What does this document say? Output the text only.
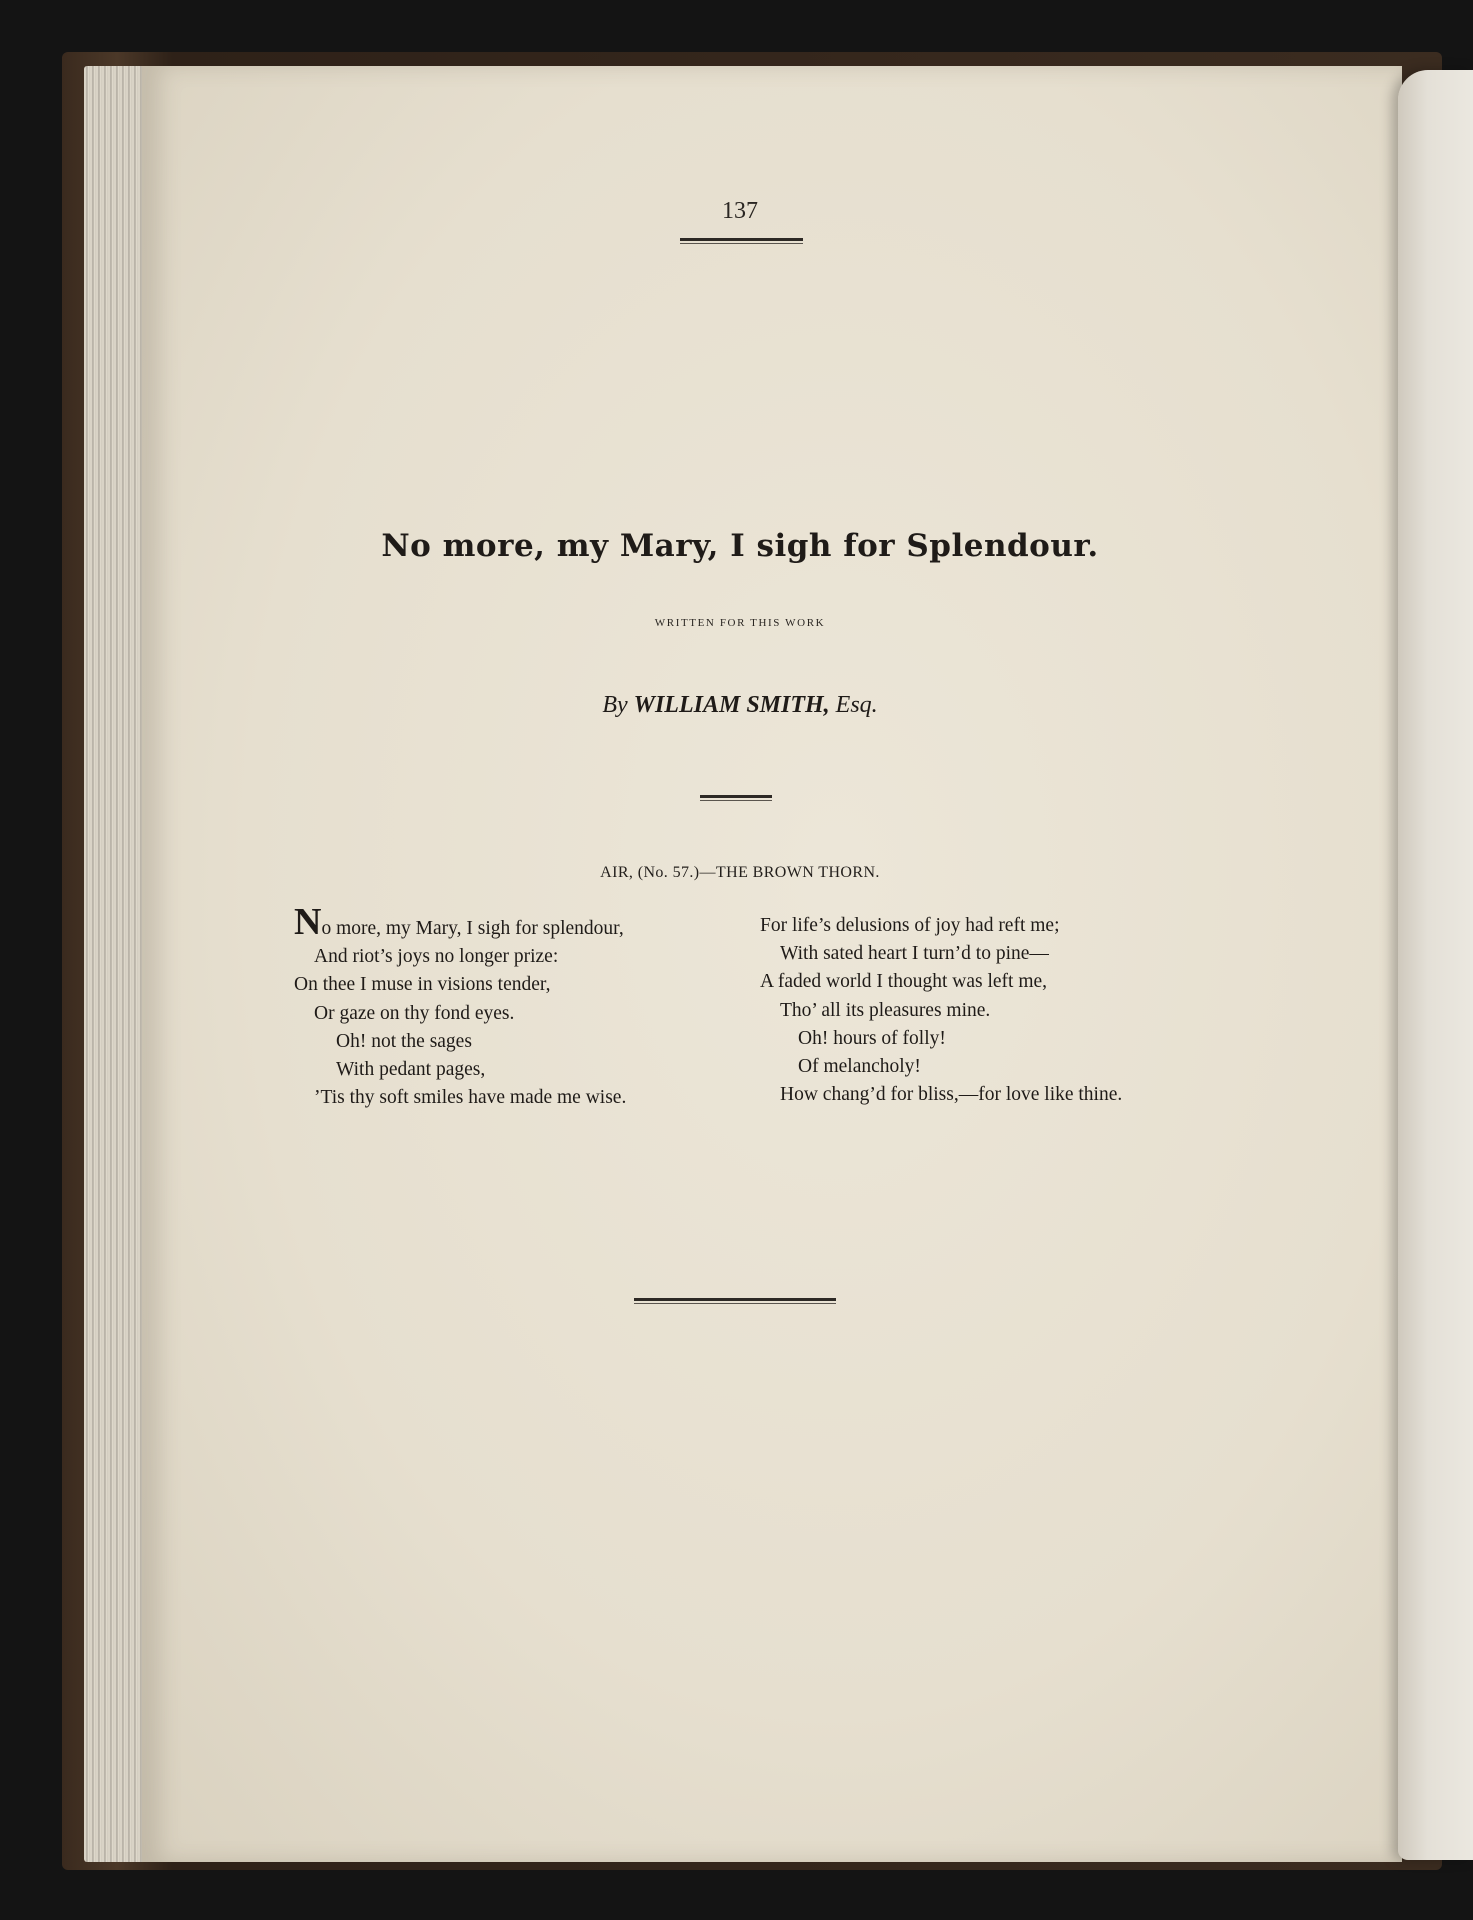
137
No more, my Mary, I sigh for Splendour.
WRITTEN FOR THIS WORK
By WILLIAM SMITH, Esq.
AIR, (No. 57.)—THE BROWN THORN.
No more, my Mary, I sigh for splendour,
And riot’s joys no longer prize:
On thee I muse in visions tender,
Or gaze on thy fond eyes.
Oh! not the sages
With pedant pages,
’Tis thy soft smiles have made me wise.
For life’s delusions of joy had reft me;
With sated heart I turn’d to pine—
A faded world I thought was left me,
Tho’ all its pleasures mine.
Oh! hours of folly!
Of melancholy!
How chang’d for bliss,—for love like thine.
